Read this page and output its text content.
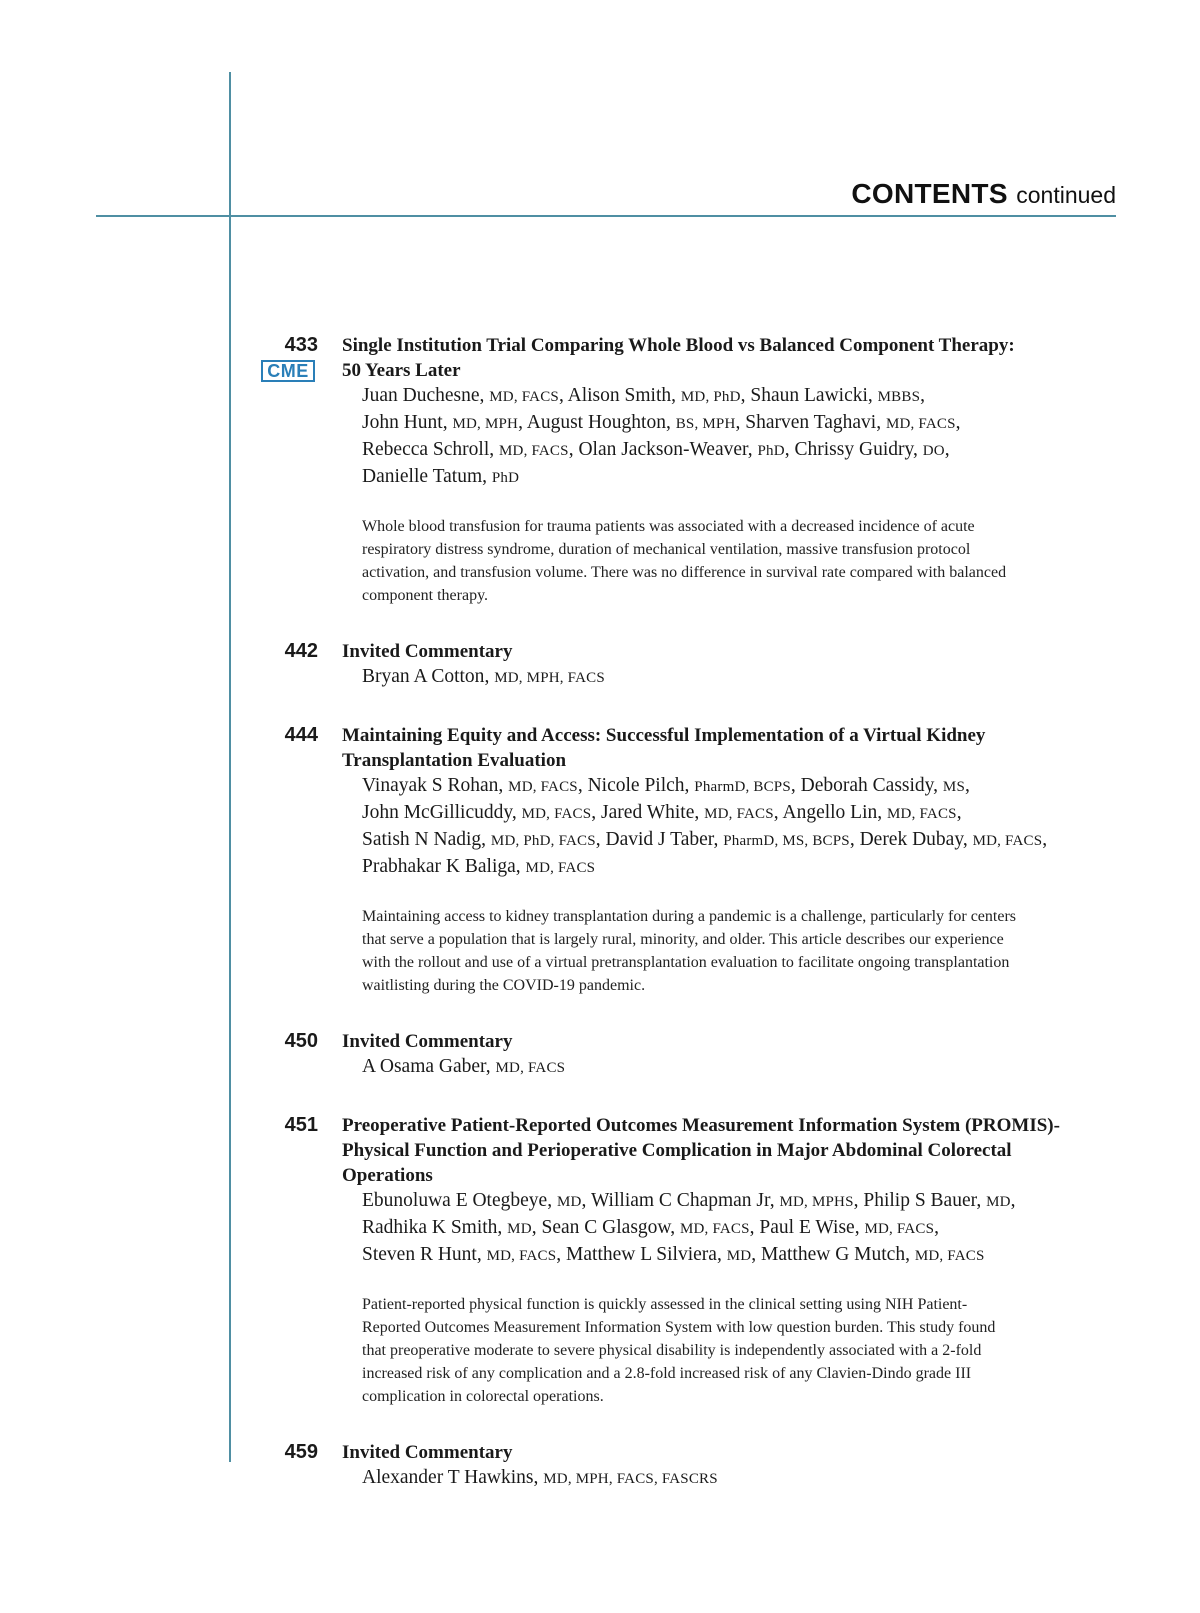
CONTENTS continued
433
CME
Single Institution Trial Comparing Whole Blood vs Balanced Component Therapy:
50 Years Later
Juan Duchesne, MD, FACS, Alison Smith, MD, PhD, Shaun Lawicki, MBBS,
John Hunt, MD, MPH, August Houghton, BS, MPH, Sharven Taghavi, MD, FACS,
Rebecca Schroll, MD, FACS, Olan Jackson-Weaver, PhD, Chrissy Guidry, DO,
Danielle Tatum, PhD
Whole blood transfusion for trauma patients was associated with a decreased incidence of acute
respiratory distress syndrome, duration of mechanical ventilation, massive transfusion protocol
activation, and transfusion volume. There was no difference in survival rate compared with balanced
component therapy.
442 Invited Commentary
Bryan A Cotton, MD, MPH, FACS
444 Maintaining Equity and Access: Successful Implementation of a Virtual Kidney
Transplantation Evaluation
Vinayak S Rohan, MD, FACS, Nicole Pilch, PharmD, BCPS, Deborah Cassidy, MS,
John McGillicuddy, MD, FACS, Jared White, MD, FACS, Angello Lin, MD, FACS,
Satish N Nadig, MD, PhD, FACS, David J Taber, PharmD, MS, BCPS, Derek Dubay, MD, FACS,
Prabhakar K Baliga, MD, FACS
Maintaining access to kidney transplantation during a pandemic is a challenge, particularly for centers
that serve a population that is largely rural, minority, and older. This article describes our experience
with the rollout and use of a virtual pretransplantation evaluation to facilitate ongoing transplantation
waitlisting during the COVID-19 pandemic.
450 Invited Commentary
A Osama Gaber, MD, FACS
451 Preoperative Patient-Reported Outcomes Measurement Information System (PROMIS)-
Physical Function and Perioperative Complication in Major Abdominal Colorectal
Operations
Ebunoluwa E Otegbeye, MD, William C Chapman Jr, MD, MPHS, Philip S Bauer, MD,
Radhika K Smith, MD, Sean C Glasgow, MD, FACS, Paul E Wise, MD, FACS,
Steven R Hunt, MD, FACS, Matthew L Silviera, MD, Matthew G Mutch, MD, FACS
Patient-reported physical function is quickly assessed in the clinical setting using NIH Patient-
Reported Outcomes Measurement Information System with low question burden. This study found
that preoperative moderate to severe physical disability is independently associated with a 2-fold
increased risk of any complication and a 2.8-fold increased risk of any Clavien-Dindo grade III
complication in colorectal operations.
459 Invited Commentary
Alexander T Hawkins, MD, MPH, FACS, FASCRS
